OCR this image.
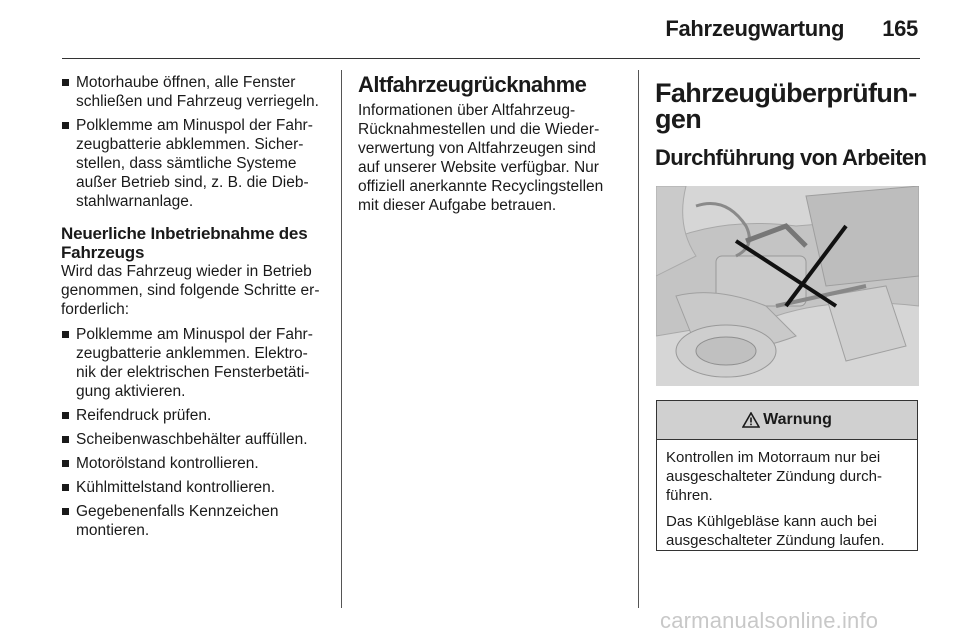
Fahrzeugwartung 165
Motorhaube öffnen, alle Fenster schließen und Fahrzeug verriegeln.
Polklemme am Minuspol der Fahr-zeugbatterie abklemmen. Sicher-stellen, dass sämtliche Systeme außer Betrieb sind, z. B. die Dieb-stahlwarnanlage.
Neuerliche Inbetriebnahme des Fahrzeugs

Wird das Fahrzeug wieder in Betrieb genommen, sind folgende Schritte er-forderlich:

Polklemme am Minuspol der Fahr-zeugbatterie anklemmen. Elektro-nik der elektrischen Fensterbetäti-gung aktivieren.
Reifendruck prüfen.
Scheibenwaschbehälter auffüllen.
Motorölstand kontrollieren.
Kühlmittelstand kontrollieren.
Gegebenenfalls Kennzeichen montieren.
Altfahrzeugrücknahme

Informationen über Altfahrzeug-Rücknahmestellen und die Wieder-verwertung von Altfahrzeugen sind auf unserer Website verfügbar. Nur offiziell anerkannte Recyclingstellen mit dieser Aufgabe betrauen.

Fahrzeugüberprüfun-gen
Durchführung von Arbeiten
Warnung

Kontrollen im Motorraum nur bei ausgeschalteter Zündung durch-führen.

Das Kühlgebläse kann auch bei ausgeschalteter Zündung laufen.

carmanualsonline.info
